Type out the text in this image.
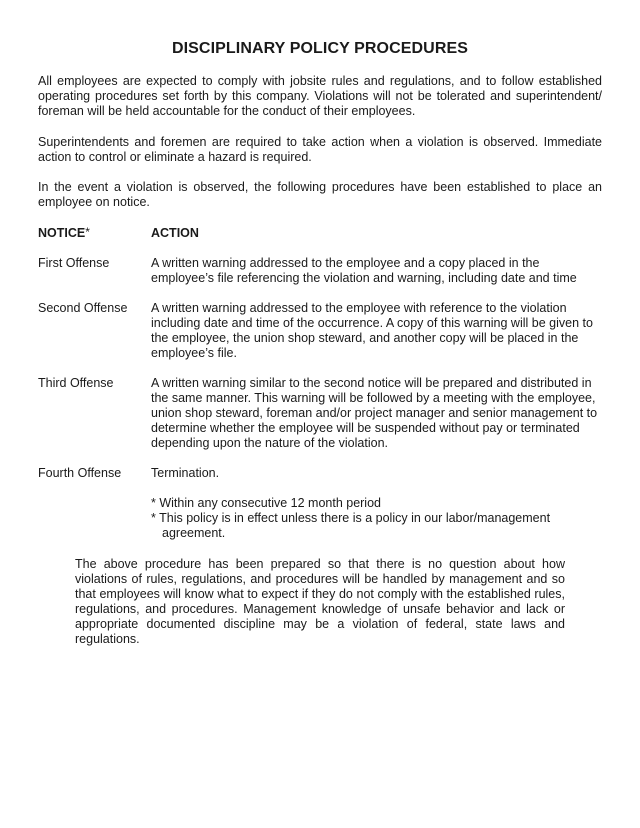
DISCIPLINARY POLICY PROCEDURES

All employees are expected to comply with jobsite rules and regulations, and to follow established operating procedures set forth by this company. Violations will not be tolerated and superintendent/ foreman will be held accountable for the conduct of their employees.

Superintendents and foremen are required to take action when a violation is observed. Immediate action to control or eliminate a hazard is required.

In the event a violation is observed, the following procedures have been established to place an employee on notice.

NOTICE*	ACTION
First Offense	A written warning addressed to the employee and a copy placed in the employee’s file referencing the violation and warning, including date and time
Second Offense	A written warning addressed to the employee with reference to the violation including date and time of the occurrence. A copy of this warning will be given to the employee, the union shop steward, and another copy will be placed in the employee’s file.
Third Offense	A written warning similar to the second notice will be prepared and distributed in the same manner. This warning will be followed by a meeting with the employee, union shop steward, foreman and/or project manager and senior management to determine whether the employee will be suspended without pay or terminated depending upon the nature of the violation.
Fourth Offense	Termination.

* Within any consecutive 12 month period

* This policy is in effect unless there is a policy in our labor/management agreement.

The above procedure has been prepared so that there is no question about how violations of rules, regulations, and procedures will be handled by management and so that employees will know what to expect if they do not comply with the established rules, regulations, and procedures. Management knowledge of unsafe behavior and lack or appropriate documented discipline may be a violation of federal, state laws and regulations.
